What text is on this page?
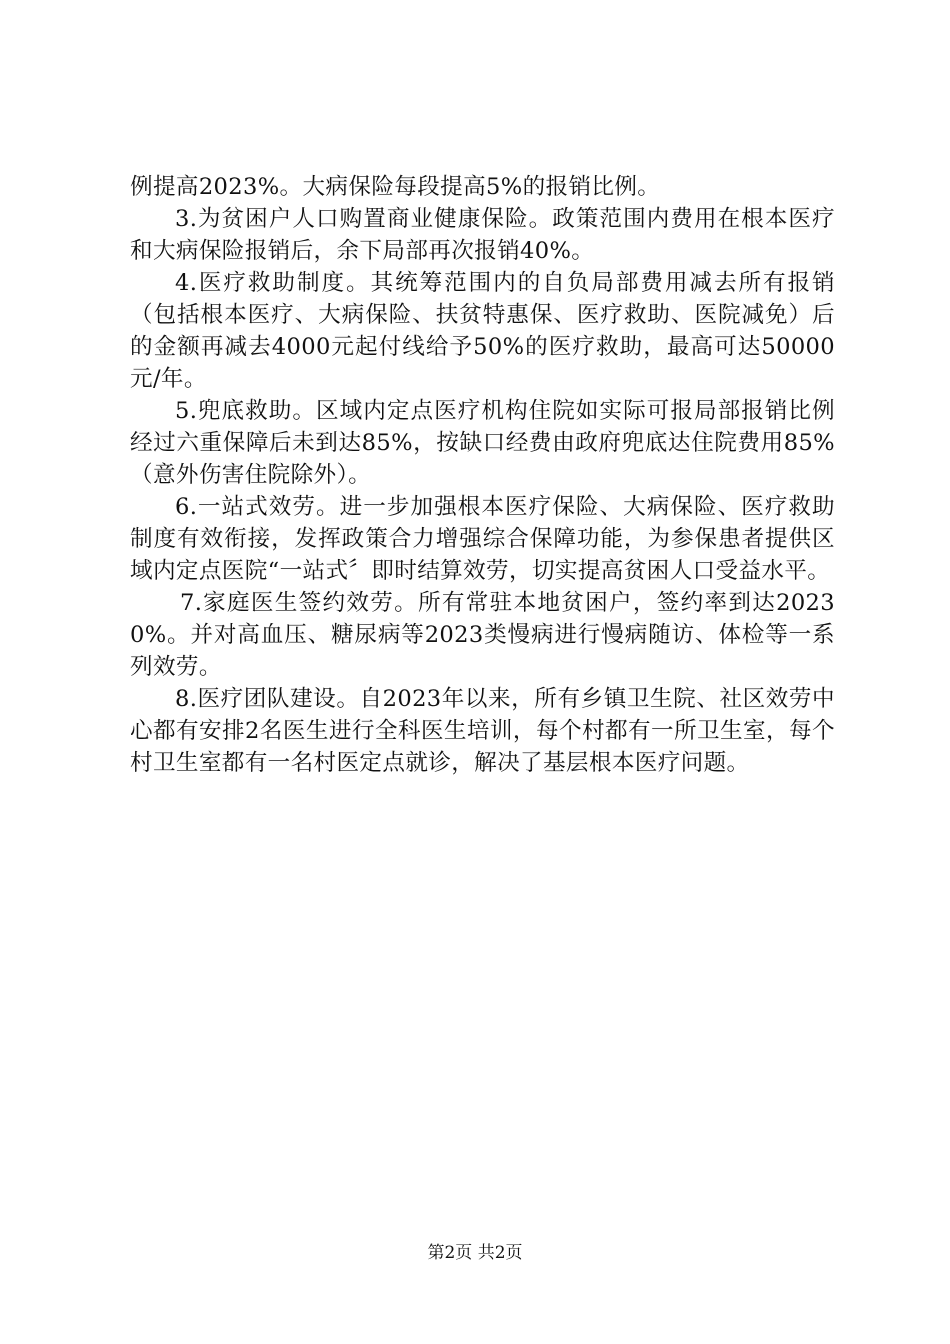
例提高2023%。大病保险每段提高5%的报销比例。

3.为贫困户人口购置商业健康保险。政策范围内费用在根本医疗和大病保险报销后，余下局部再次报销40%。

4.医疗救助制度。其统筹范围内的自负局部费用减去所有报销（包括根本医疗、大病保险、扶贫特惠保、医疗救助、医院减免）后的金额再减去4000元起付线给予50%的医疗救助，最高可达50000元/年。

5.兜底救助。区域内定点医疗机构住院如实际可报局部报销比例经过六重保障后未到达85%，按缺口经费由政府兜底达住院费用85%（意外伤害住院除外）。

6.一站式效劳。进一步加强根本医疗保险、大病保险、医疗救助制度有效衔接，发挥政策合力增强综合保障功能，为参保患者提供区域内定点医院“一站式〞即时结算效劳，切实提高贫困人口受益水平。

7.家庭医生签约效劳。所有常驻本地贫困户，签约率到达20230%。并对高血压、糖尿病等2023类慢病进行慢病随访、体检等一系列效劳。

8.医疗团队建设。自2023年以来，所有乡镇卫生院、社区效劳中心都有安排2名医生进行全科医生培训，每个村都有一所卫生室，每个村卫生室都有一名村医定点就诊，解决了基层根本医疗问题。

第2页 共2页
